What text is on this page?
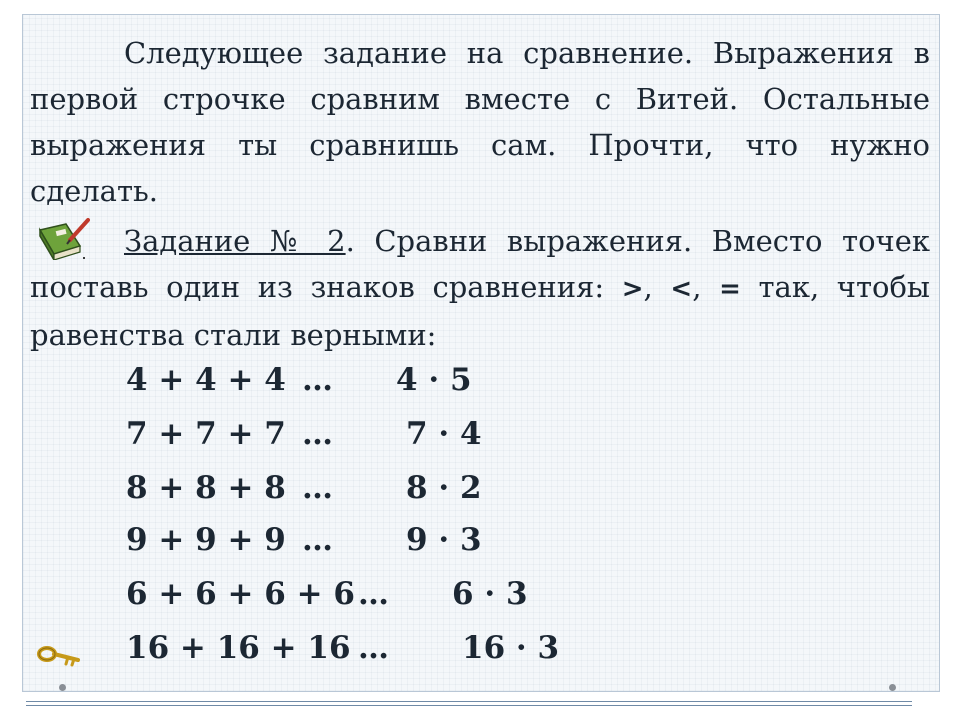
Следующее задание на сравнение. Выражения в первой строчке сравним вместе с Витей. Остальные выражения ты сравнишь сам. Прочти, что нужно сделать.

Задание № 2. Сравни выражения. Вместо точек поставь один из знаков сравнения: >, <, = так, чтобы равенства стали верными:

4 + 4 + 4 … 4 · 5
7 + 7 + 7 … 7 · 4
8 + 8 + 8 … 8 · 2
9 + 9 + 9 … 9 · 3
6 + 6 + 6 + 6 … 6 · 3
16 + 16 + 16 … 16 · 3
